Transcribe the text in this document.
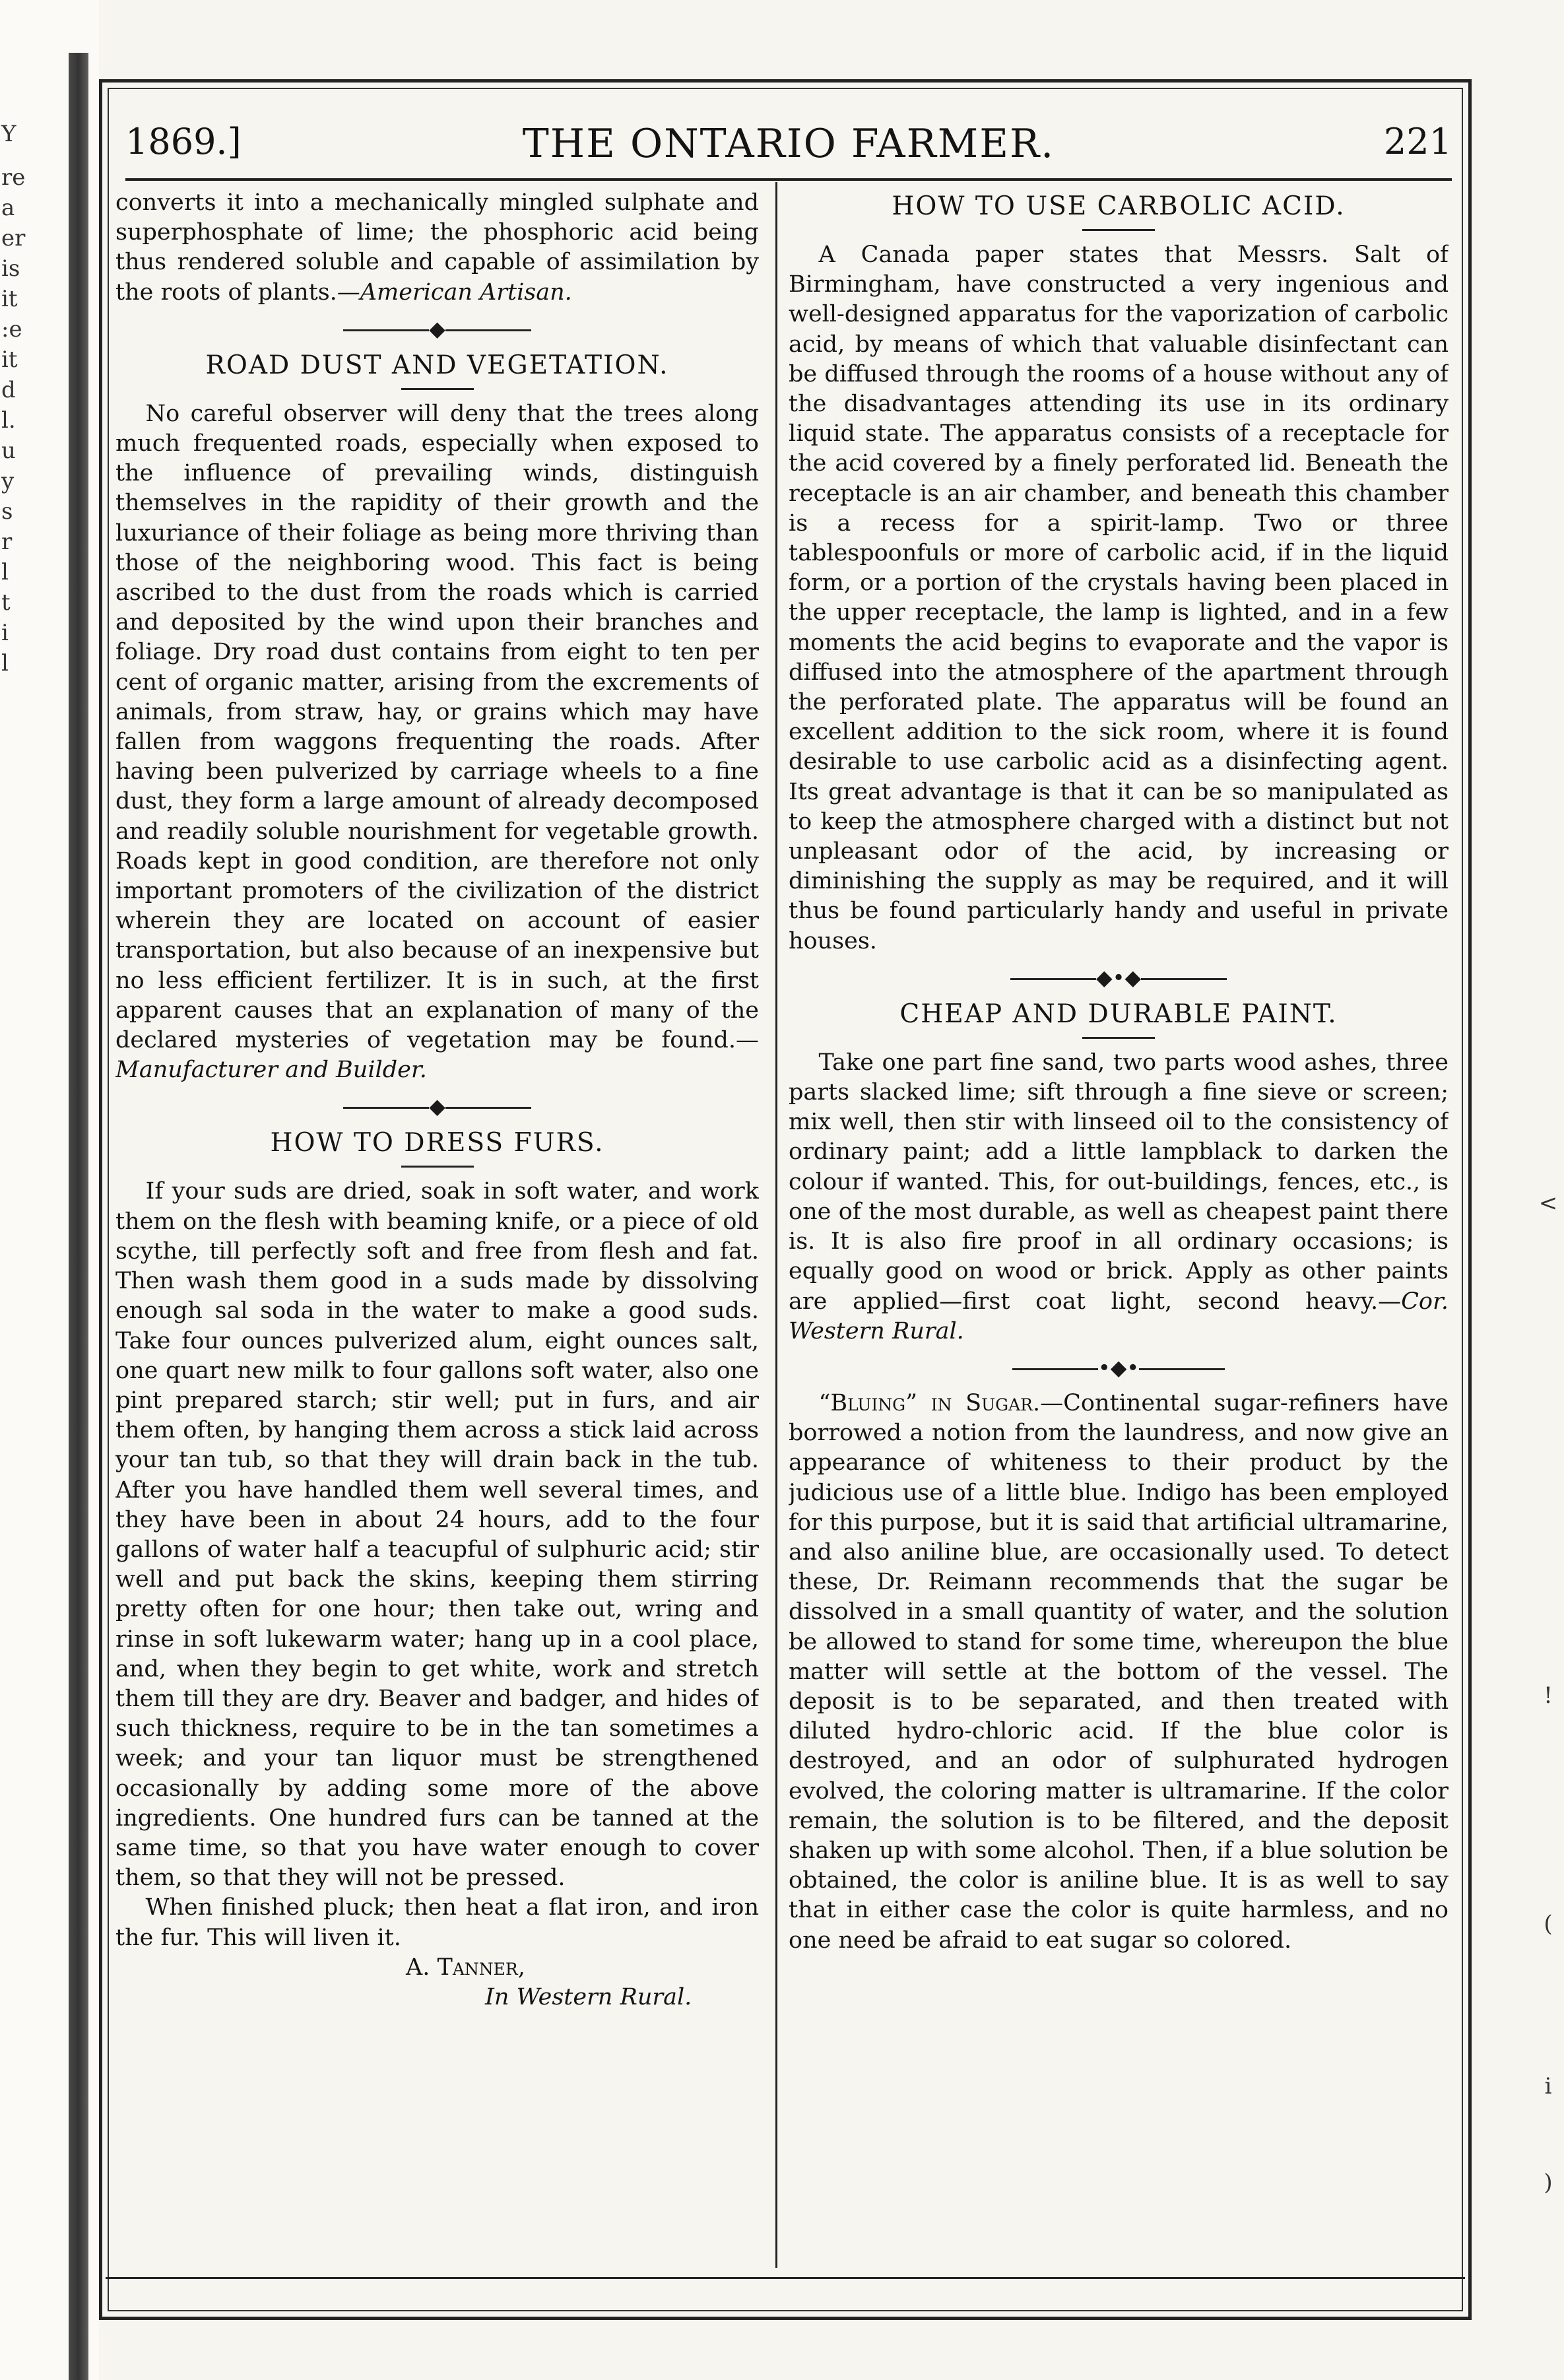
Y
re
a
er
is
it
:e
it
d
l.
u
y
s
r
l
t
i
l
<
!
(
i
)
1869.]	THE ONTARIO FARMER.	221

converts it into a mechanically mingled sulphate and superphosphate of lime; the phosphoric acid being thus rendered soluble and capable of assimilation by the roots of plants.—American Artisan.

◆
ROAD DUST AND VEGETATION.

No careful observer will deny that the trees along much frequented roads, especially when exposed to the influence of prevailing winds, distinguish themselves in the rapidity of their growth and the luxuriance of their foliage as being more thriving than those of the neighboring wood. This fact is being ascribed to the dust from the roads which is carried and deposited by the wind upon their branches and foliage. Dry road dust contains from eight to ten per cent of organic matter, arising from the excrements of animals, from straw, hay, or grains which may have fallen from waggons frequenting the roads. After having been pulverized by carriage wheels to a fine dust, they form a large amount of already decomposed and readily soluble nourishment for vegetable growth. Roads kept in good condition, are therefore not only important promoters of the civilization of the district wherein they are located on account of easier transportation, but also because of an inexpensive but no less efficient fertilizer. It is in such, at the first apparent causes that an explanation of many of the declared mysteries of vegetation may be found.—Manufacturer and Builder.

◆
HOW TO DRESS FURS.

If your suds are dried, soak in soft water, and work them on the flesh with beaming knife, or a piece of old scythe, till perfectly soft and free from flesh and fat. Then wash them good in a suds made by dissolving enough sal soda in the water to make a good suds. Take four ounces pulverized alum, eight ounces salt, one quart new milk to four gallons soft water, also one pint prepared starch; stir well; put in furs, and air them often, by hanging them across a stick laid across your tan tub, so that they will drain back in the tub. After you have handled them well several times, and they have been in about 24 hours, add to the four gallons of water half a teacupful of sulphuric acid; stir well and put back the skins, keeping them stirring pretty often for one hour; then take out, wring and rinse in soft lukewarm water; hang up in a cool place, and, when they begin to get white, work and stretch them till they are dry. Beaver and badger, and hides of such thickness, require to be in the tan sometimes a week; and your tan liquor must be strengthened occasionally by adding some more of the above ingredients. One hundred furs can be tanned at the same time, so that you have water enough to cover them, so that they will not be pressed.

When finished pluck; then heat a flat iron, and iron the fur. This will liven it.

A. Tanner,

In Western Rural.

HOW TO USE CARBOLIC ACID.

A Canada paper states that Messrs. Salt of Birmingham, have constructed a very ingenious and well-designed apparatus for the vaporization of carbolic acid, by means of which that valuable disinfectant can be diffused through the rooms of a house without any of the disadvantages attending its use in its ordinary liquid state. The apparatus consists of a receptacle for the acid covered by a finely perforated lid. Beneath the receptacle is an air chamber, and beneath this chamber is a recess for a spirit-lamp. Two or three tablespoonfuls or more of carbolic acid, if in the liquid form, or a portion of the crystals having been placed in the upper receptacle, the lamp is lighted, and in a few moments the acid begins to evaporate and the vapor is diffused into the atmosphere of the apartment through the perforated plate. The apparatus will be found an excellent addition to the sick room, where it is found desirable to use carbolic acid as a disinfecting agent. Its great advantage is that it can be so manipulated as to keep the atmosphere charged with a distinct but not unpleasant odor of the acid, by increasing or diminishing the supply as may be required, and it will thus be found particularly handy and useful in private houses.

◆•◆
CHEAP AND DURABLE PAINT.

Take one part fine sand, two parts wood ashes, three parts slacked lime; sift through a fine sieve or screen; mix well, then stir with linseed oil to the consistency of ordinary paint; add a little lampblack to darken the colour if wanted. This, for out-buildings, fences, etc., is one of the most durable, as well as cheapest paint there is. It is also fire proof in all ordinary occasions; is equally good on wood or brick. Apply as other paints are applied—first coat light, second heavy.—Cor. Western Rural.

•◆•

“Bluing” in Sugar.—Continental sugar-refiners have borrowed a notion from the laundress, and now give an appearance of whiteness to their product by the judicious use of a little blue. Indigo has been employed for this purpose, but it is said that artificial ultramarine, and also aniline blue, are occasionally used. To detect these, Dr. Reimann recommends that the sugar be dissolved in a small quantity of water, and the solution be allowed to stand for some time, whereupon the blue matter will settle at the bottom of the vessel. The deposit is to be separated, and then treated with diluted hydro-chloric acid. If the blue color is destroyed, and an odor of sulphurated hydrogen evolved, the coloring matter is ultramarine. If the color remain, the solution is to be filtered, and the deposit shaken up with some alcohol. Then, if a blue solution be obtained, the color is aniline blue. It is as well to say that in either case the color is quite harmless, and no one need be afraid to eat sugar so colored.
